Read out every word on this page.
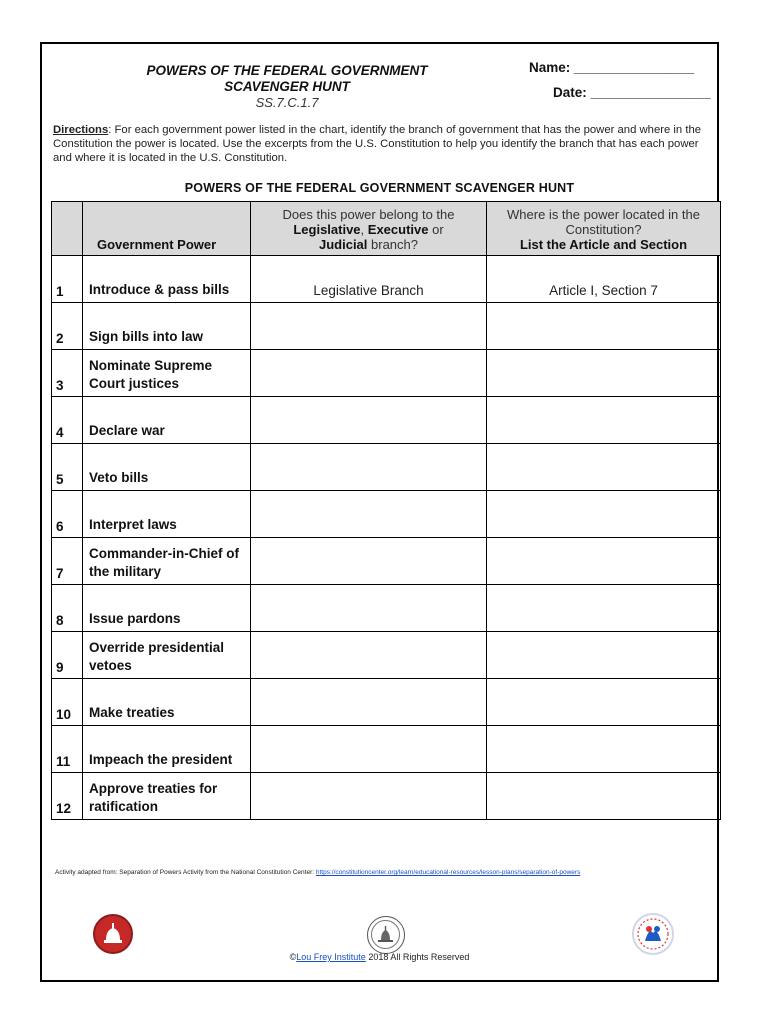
POWERS OF THE FEDERAL GOVERNMENT
SCAVENGER HUNT
SS.7.C.1.7
Name: ________________
Date: ________________
Directions: For each government power listed in the chart, identify the branch of government that has the power and where in the Constitution the power is located. Use the excerpts from the U.S. Constitution to help you identify the branch that has each power and where it is located in the U.S. Constitution.
POWERS OF THE FEDERAL GOVERNMENT SCAVENGER HUNT
	Government Power	Does this power belong to the
Legislative, Executive or
Judicial branch?	Where is the power located in the Constitution?
List the Article and Section
1	Introduce & pass bills	Legislative Branch	Article I, Section 7
2	Sign bills into law		
3	Nominate Supreme Court justices		
4	Declare war		
5	Veto bills		
6	Interpret laws		
7	Commander-in-Chief of the military		
8	Issue pardons		
9	Override presidential vetoes		
10	Make treaties		
11	Impeach the president		
12	Approve treaties for ratification		
Activity adapted from: Separation of Powers Activity from the National Constitution Center: https://constitutioncenter.org/learn/educational-resources/lesson-plans/separation-of-powers
©Lou Frey Institute 2018 All Rights Reserved
